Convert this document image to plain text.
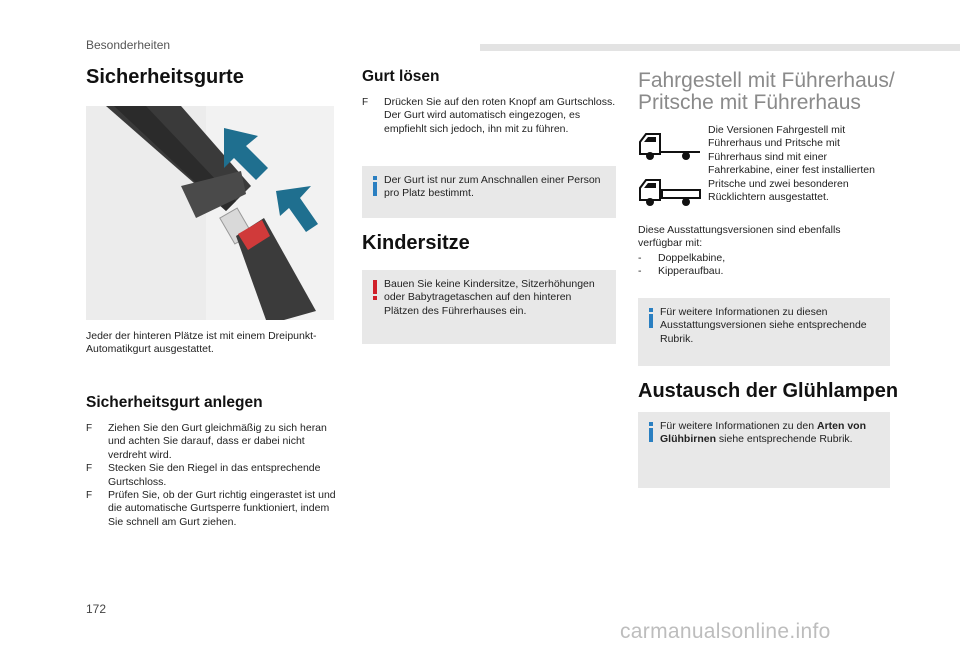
Besonderheiten
Sicherheitsgurte
Jeder der hinteren Plätze ist mit einem Dreipunkt-Automatikgurt ausgestattet.
Sicherheitsgurt anlegen
F Ziehen Sie den Gurt gleichmäßig zu sich heran und achten Sie darauf, dass er dabei nicht verdreht wird.
F Stecken Sie den Riegel in das entsprechende Gurtschloss.
F Prüfen Sie, ob der Gurt richtig eingerastet ist und die automatische Gurtsperre funktioniert, indem Sie schnell am Gurt ziehen.
Gurt lösen
F Drücken Sie auf den roten Knopf am Gurtschloss. Der Gurt wird automatisch eingezogen, es empfiehlt sich jedoch, ihn mit zu führen.
Der Gurt ist nur zum Anschnallen einer Person pro Platz bestimmt.
Kindersitze
Bauen Sie keine Kindersitze, Sitzerhöhungen oder Babytragetaschen auf den hinteren Plätzen des Führerhauses ein.
Fahrgestell mit Führerhaus/
Pritsche mit Führerhaus
Die Versionen Fahrgestell mit Führerhaus und Pritsche mit Führerhaus sind mit einer Fahrerkabine, einer fest installierten Pritsche und zwei besonderen Rücklichtern ausgestattet.
Diese Ausstattungsversionen sind ebenfalls verfügbar mit:
- Doppelkabine,
- Kipperaufbau.
Für weitere Informationen zu diesen Ausstattungsversionen siehe entsprechende Rubrik.
Austausch der Glühlampen
Für weitere Informationen zu den Arten von Glühbirnen siehe entsprechende Rubrik.
172
carmanualsonline.info
